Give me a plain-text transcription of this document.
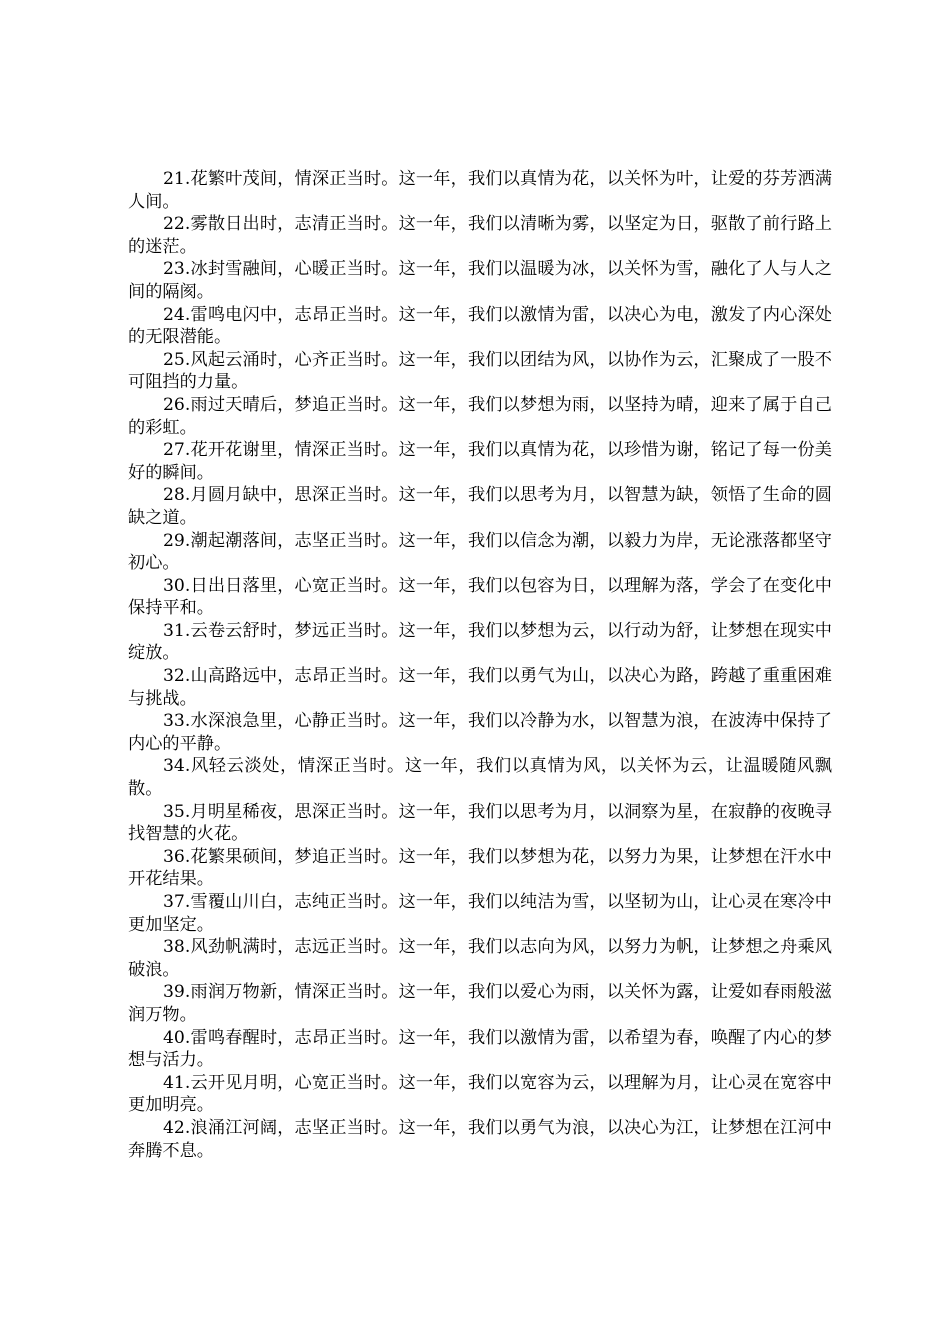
21.花繁叶茂间，情深正当时。这一年，我们以真情为花，以关怀为叶，让爱的芬芳洒满人间。

22.雾散日出时，志清正当时。这一年，我们以清晰为雾，以坚定为日，驱散了前行路上的迷茫。

23.冰封雪融间，心暖正当时。这一年，我们以温暖为冰，以关怀为雪，融化了人与人之间的隔阂。

24.雷鸣电闪中，志昂正当时。这一年，我们以激情为雷，以决心为电，激发了内心深处的无限潜能。

25.风起云涌时，心齐正当时。这一年，我们以团结为风，以协作为云，汇聚成了一股不可阻挡的力量。

26.雨过天晴后，梦追正当时。这一年，我们以梦想为雨，以坚持为晴，迎来了属于自己的彩虹。

27.花开花谢里，情深正当时。这一年，我们以真情为花，以珍惜为谢，铭记了每一份美好的瞬间。

28.月圆月缺中，思深正当时。这一年，我们以思考为月，以智慧为缺，领悟了生命的圆缺之道。

29.潮起潮落间，志坚正当时。这一年，我们以信念为潮，以毅力为岸，无论涨落都坚守初心。

30.日出日落里，心宽正当时。这一年，我们以包容为日，以理解为落，学会了在变化中保持平和。

31.云卷云舒时，梦远正当时。这一年，我们以梦想为云，以行动为舒，让梦想在现实中绽放。

32.山高路远中，志昂正当时。这一年，我们以勇气为山，以决心为路，跨越了重重困难与挑战。

33.水深浪急里，心静正当时。这一年，我们以冷静为水，以智慧为浪，在波涛中保持了内心的平静。

34.风轻云淡处，情深正当时。这一年，我们以真情为风，以关怀为云，让温暖随风飘散。

35.月明星稀夜，思深正当时。这一年，我们以思考为月，以洞察为星，在寂静的夜晚寻找智慧的火花。

36.花繁果硕间，梦追正当时。这一年，我们以梦想为花，以努力为果，让梦想在汗水中开花结果。

37.雪覆山川白，志纯正当时。这一年，我们以纯洁为雪，以坚韧为山，让心灵在寒冷中更加坚定。

38.风劲帆满时，志远正当时。这一年，我们以志向为风，以努力为帆，让梦想之舟乘风破浪。

39.雨润万物新，情深正当时。这一年，我们以爱心为雨，以关怀为露，让爱如春雨般滋润万物。

40.雷鸣春醒时，志昂正当时。这一年，我们以激情为雷，以希望为春，唤醒了内心的梦想与活力。

41.云开见月明，心宽正当时。这一年，我们以宽容为云，以理解为月，让心灵在宽容中更加明亮。

42.浪涌江河阔，志坚正当时。这一年，我们以勇气为浪，以决心为江，让梦想在江河中奔腾不息。
